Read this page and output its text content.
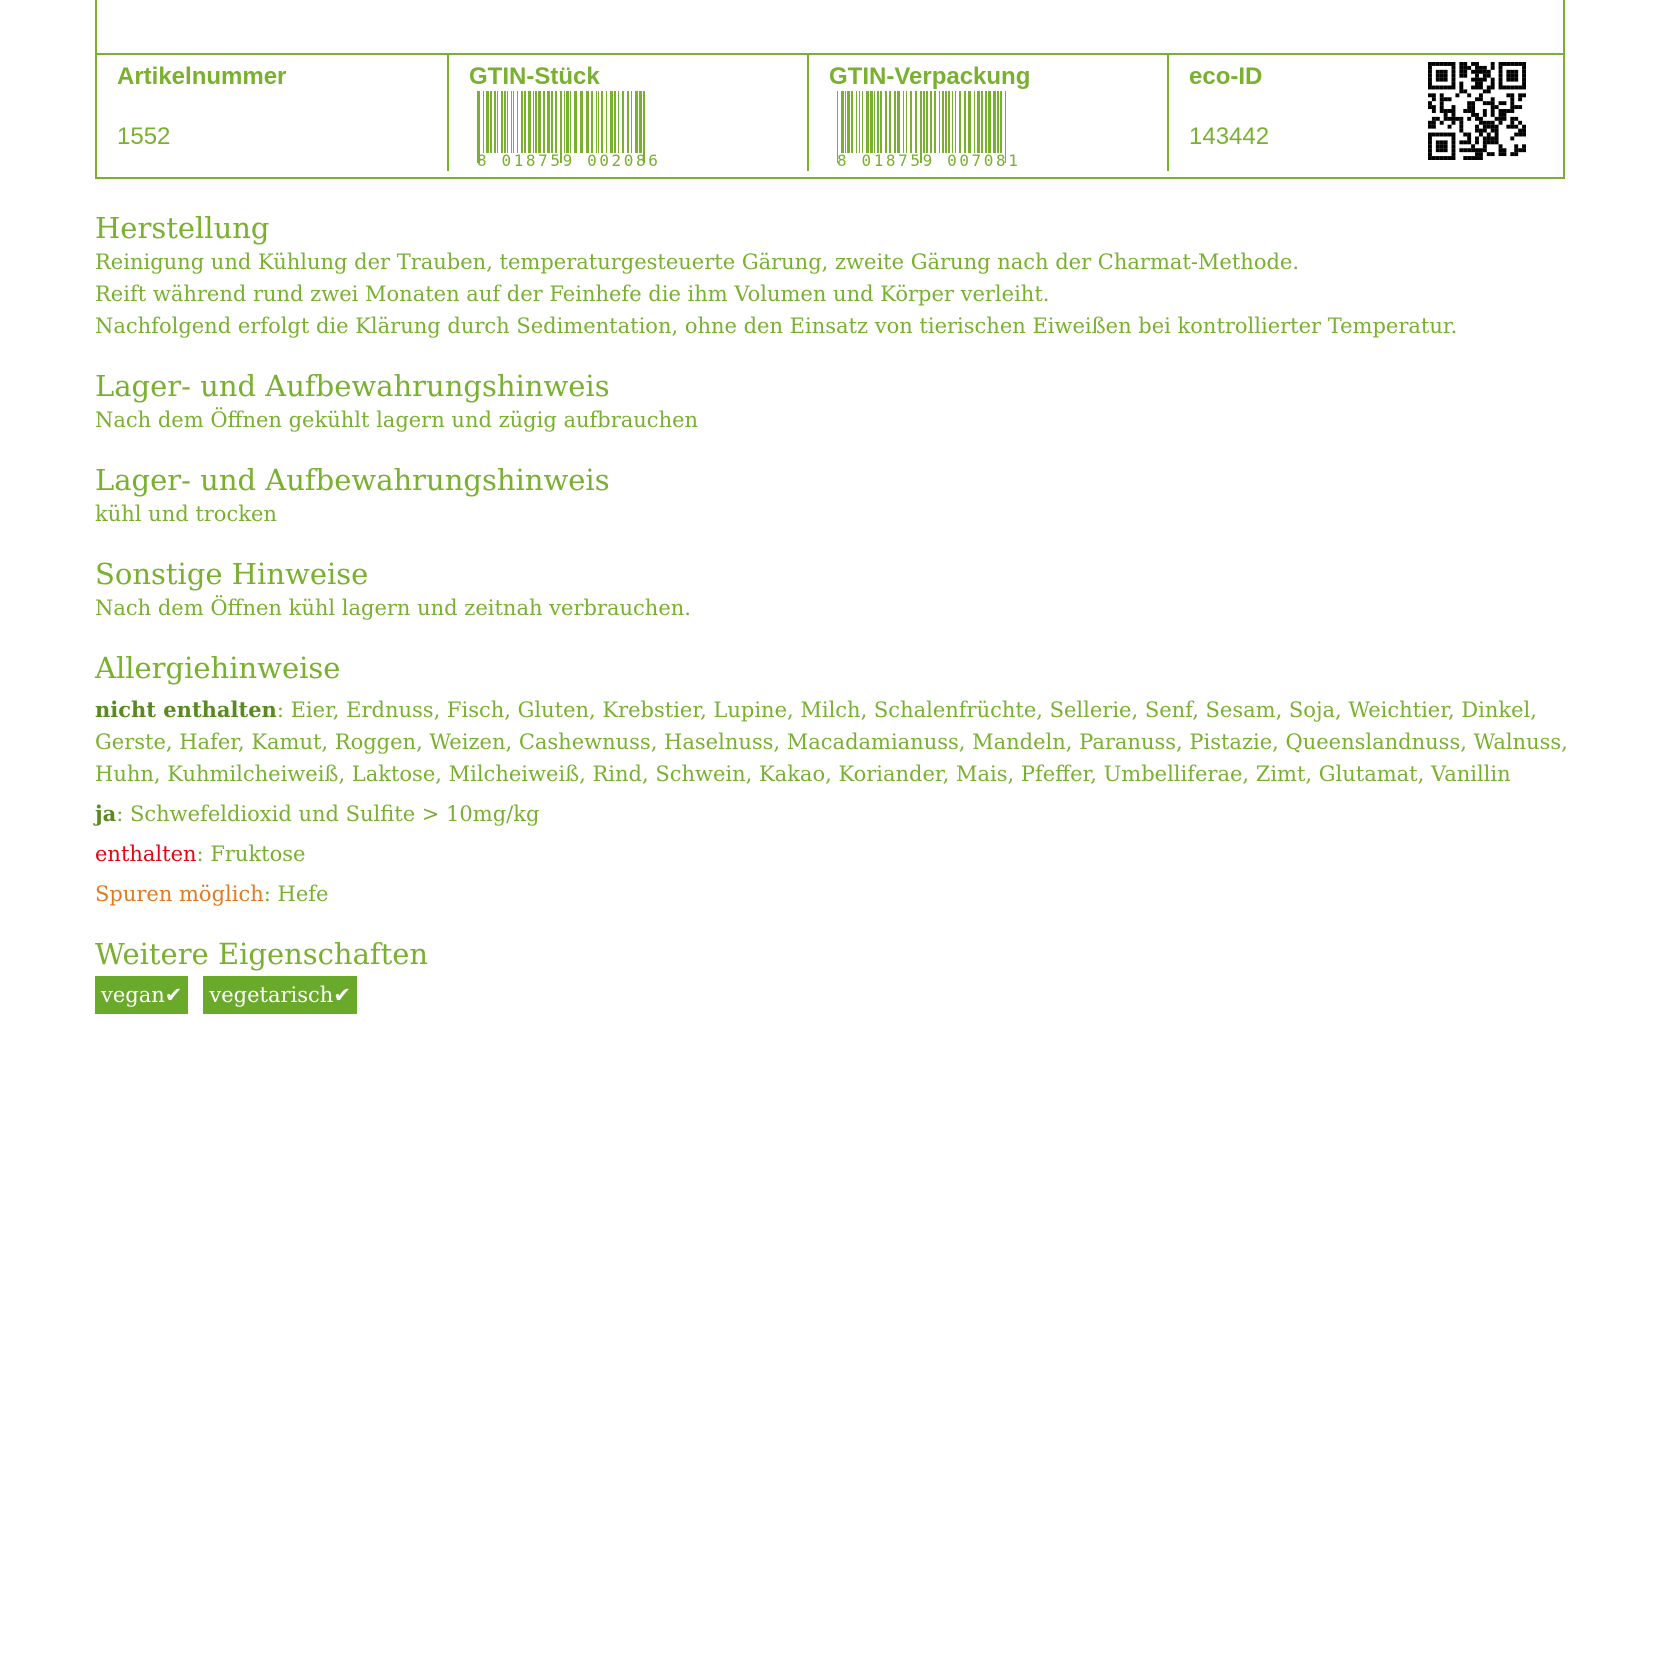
Artikelnummer
1552
GTIN-Stück
8 018759 002086
GTIN-Verpackung
8 018759 007081
eco-ID
143442
Herstellung
Reinigung und Kühlung der Trauben, temperaturgesteuerte Gärung, zweite Gärung nach der Charmat-Methode.
Reift während rund zwei Monaten auf der Feinhefe die ihm Volumen und Körper verleiht.
Nachfolgend erfolgt die Klärung durch Sedimentation, ohne den Einsatz von tierischen Eiweißen bei kontrollierter Temperatur.
Lager- und Aufbewahrungshinweis
Nach dem Öffnen gekühlt lagern und zügig aufbrauchen
Lager- und Aufbewahrungshinweis
kühl und trocken
Sonstige Hinweise
Nach dem Öffnen kühl lagern und zeitnah verbrauchen.
Allergiehinweise
nicht enthalten: Eier, Erdnuss, Fisch, Gluten, Krebstier, Lupine, Milch, Schalenfrüchte, Sellerie, Senf, Sesam, Soja, Weichtier, Dinkel, Gerste, Hafer, Kamut, Roggen, Weizen, Cashewnuss, Haselnuss, Macadamianuss, Mandeln, Paranuss, Pistazie, Queenslandnuss, Walnuss, Huhn, Kuhmilcheiweiß, Laktose, Milcheiweiß, Rind, Schwein, Kakao, Koriander, Mais, Pfeffer, Umbelliferae, Zimt, Glutamat, Vanillin
ja: Schwefeldioxid und Sulfite > 10mg/kg
enthalten: Fruktose
Spuren möglich: Hefe
Weitere Eigenschaften
vegan✔ vegetarisch✔
